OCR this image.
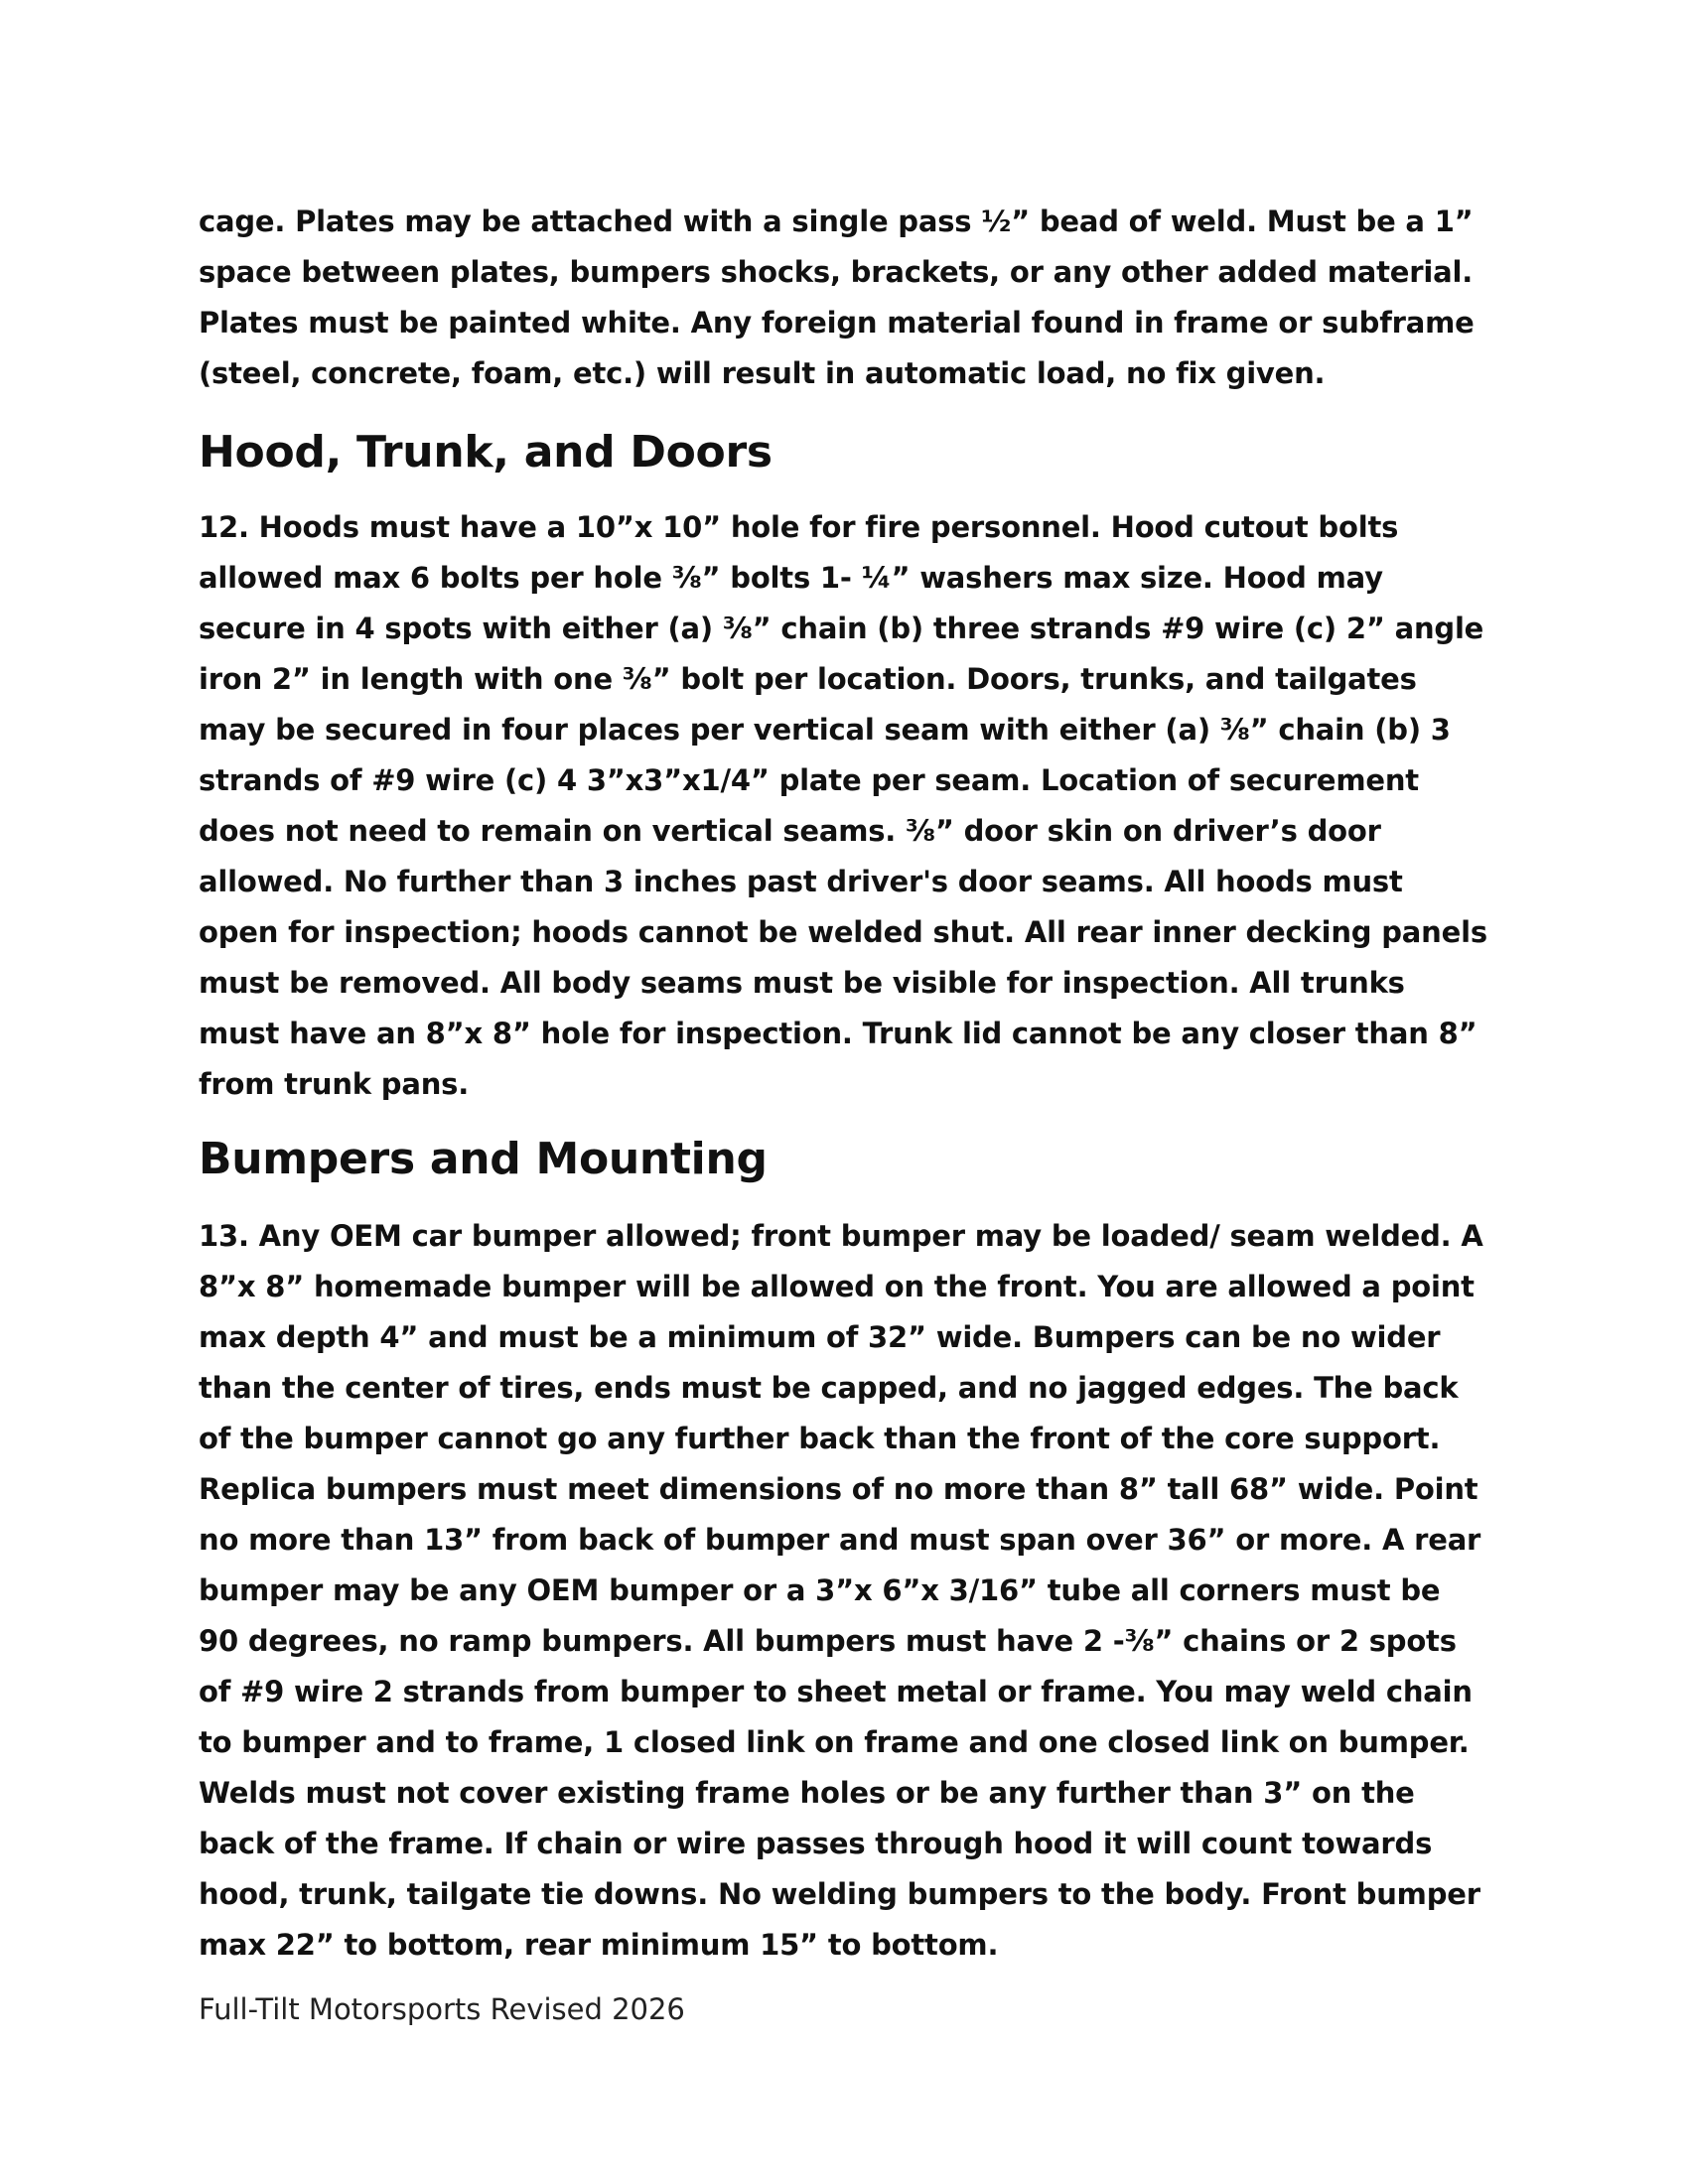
cage. Plates may be attached with a single pass ½” bead of weld. Must be a 1” space between plates, bumpers shocks, brackets, or any other added material. Plates must be painted white. Any foreign material found in frame or subframe (steel, concrete, foam, etc.) will result in automatic load, no fix given.

Hood, Trunk, and Doors

12. Hoods must have a 10”x 10” hole for fire personnel. Hood cutout bolts allowed max 6 bolts per hole ⅜” bolts 1- ¼” washers max size. Hood may secure in 4 spots with either (a) ⅜” chain (b) three strands #9 wire (c) 2” angle iron 2” in length with one ⅜” bolt per location. Doors, trunks, and tailgates may be secured in four places per vertical seam with either (a) ⅜” chain (b) 3 strands of #9 wire (c) 4 3”x3”x1/4” plate per seam. Location of securement does not need to remain on vertical seams. ⅜” door skin on driver’s door allowed. No further than 3 inches past driver's door seams. All hoods must open for inspection; hoods cannot be welded shut. All rear inner decking panels must be removed. All body seams must be visible for inspection. All trunks must have an 8”x 8” hole for inspection. Trunk lid cannot be any closer than 8” from trunk pans.

Bumpers and Mounting

13. Any OEM car bumper allowed; front bumper may be loaded/ seam welded. A 8”x 8” homemade bumper will be allowed on the front. You are allowed a point max depth 4” and must be a minimum of 32” wide. Bumpers can be no wider than the center of tires, ends must be capped, and no jagged edges. The back of the bumper cannot go any further back than the front of the core support. Replica bumpers must meet dimensions of no more than 8” tall 68” wide. Point no more than 13” from back of bumper and must span over 36” or more. A rear bumper may be any OEM bumper or a 3”x 6”x 3/16” tube all corners must be 90 degrees, no ramp bumpers. All bumpers must have 2 -⅜” chains or 2 spots of #9 wire 2 strands from bumper to sheet metal or frame. You may weld chain to bumper and to frame, 1 closed link on frame and one closed link on bumper. Welds must not cover existing frame holes or be any further than 3” on the back of the frame. If chain or wire passes through hood it will count towards hood, trunk, tailgate tie downs. No welding bumpers to the body. Front bumper max 22” to bottom, rear minimum 15” to bottom.

Full-Tilt Motorsports Revised 2026
